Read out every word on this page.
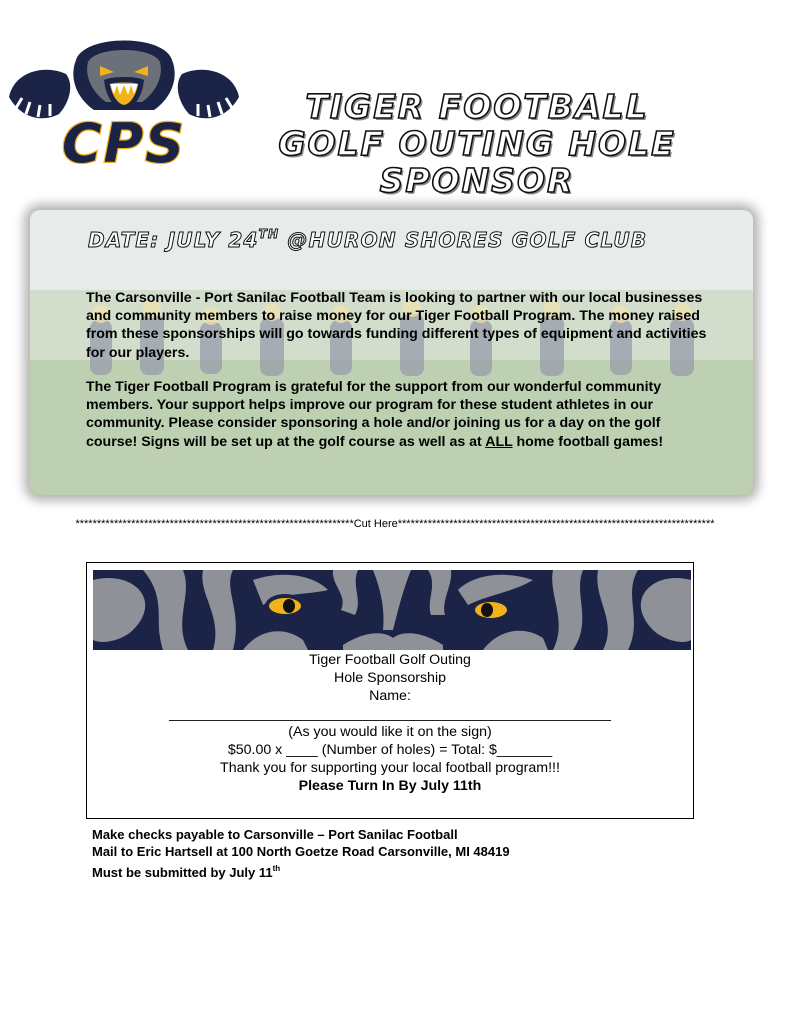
CPS
TIGER FOOTBALL
GOLF OUTING HOLE
SPONSOR
DATE: JULY 24TH @HURON SHORES GOLF CLUB

The Carsonville - Port Sanilac Football Team is looking to partner with our local businesses and community members to raise money for our Tiger Football Program. The money raised from these sponsorships will go towards funding different types of equipment and activities for our players.

The Tiger Football Program is grateful for the support from our wonderful community members. Your support helps improve our program for these student athletes in our community. Please consider sponsoring a hole and/or joining us for a day on the golf course! Signs will be set up at the golf course as well as at ALL home football games!

*****************************************************************Cut Here**************************************************************************
Tiger Football Golf Outing
Hole Sponsorship
Name:
________________________________________________________
(As you would like it on the sign)
$50.00 x ____ (Number of holes) = Total: $_______
Thank you for supporting your local football program!!!
Please Turn In By July 11th
Make checks payable to Carsonville – Port Sanilac Football
Mail to Eric Hartsell at 100 North Goetze Road Carsonville, MI 48419
Must be submitted by July 11th
